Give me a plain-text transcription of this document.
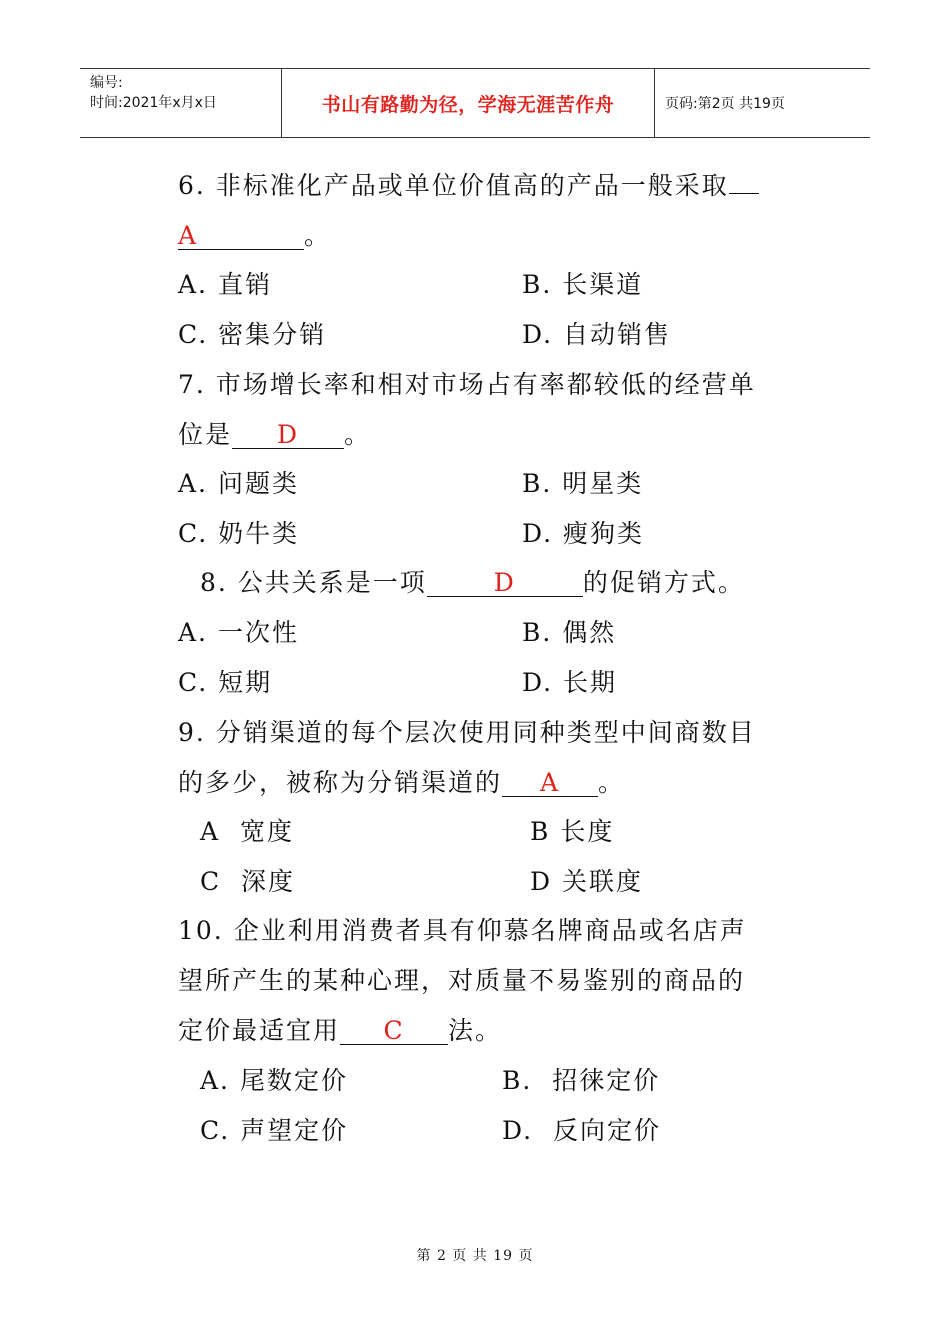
编号:
时间:2021年x月x日	书山有路勤为径，学海无涯苦作舟	页码:第2页 共19页
6. 非标准化产品或单位价值高的产品一般采取
A	。
A. 直销	B. 长渠道
C. 密集分销	D. 自动销售
7. 市场增长率和相对市场占有率都较低的经营单
位是 D 。
A. 问题类	B. 明星类
C. 奶牛类	D. 瘦狗类
8. 公共关系是一项	D	的促销方式。
A. 一次性	B. 偶然
C. 短期	D. 长期
9. 分销渠道的每个层次使用同种类型中间商数目
的多少，被称为分销渠道的 A 。
A  宽度	B 长度
C  深度	D 关联度
10. 企业利用消费者具有仰慕名牌商品或名店声
望所产生的某种心理，对质量不易鉴别的商品的
定价最适宜用 C 法。
A. 尾数定价	B.  招徕定价
C. 声望定价	D.  反向定价
第 2 页 共 19 页
